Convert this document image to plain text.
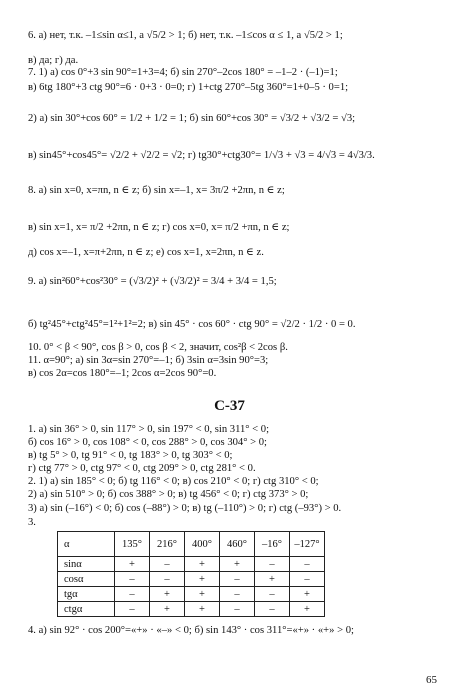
6. а) нет, т.к. –1≤sin α≤1, а √5/2 > 1; б) нет, т.к. –1≤cos α ≤ 1, а √5/2 > 1;
в) да; г) да.
7. 1) а) cos 0°+3 sin 90°=1+3=4; б) sin 270°–2cos 180° = –1–2 · (–1)=1;
в) 6tg 180°+3 ctg 90°=6 · 0+3 · 0=0; г) 1+ctg 270°–5tg 360°=1+0–5 · 0=1;
2) а) sin 30°+cos 60° = 1/2 + 1/2 = 1; б) sin 60°+cos 30° = √3/2 + √3/2 = √3;
в) sin45°+cos45°= √2/2 + √2/2 = √2; г) tg30°+ctg30°= 1/√3 + √3 = 4/√3 = 4√3/3.
8. а) sin x=0, x=πn, n ∈ z; б) sin x=–1, x= 3π/2 +2πn, n ∈ z;
в) sin x=1, x= π/2 +2πn, n ∈ z; г) cos x=0, x= π/2 +πn, n ∈ z;
д) cos x=–1, x=π+2πn, n ∈ z; е) cos x=1, x=2πn, n ∈ z.
9. а) sin²60°+cos²30° = (√3/2)² + (√3/2)² = 3/4 + 3/4 = 1,5;
б) tg²45°+ctg²45°=1²+1²=2; в) sin 45° · cos 60° · ctg 90° = √2/2 · 1/2 · 0 = 0.
10. 0° < β < 90°, cos β > 0, cos β < 2, значит, cos²β < 2cos β.
11. α=90°; а) sin 3α=sin 270°=–1; б) 3sin α=3sin 90°=3;
в) cos 2α=cos 180°=–1; 2cos α=2cos 90°=0.
С-37
1. а) sin 36° > 0, sin 117° > 0, sin 197° < 0, sin 311° < 0;
б) cos 16° > 0, cos 108° < 0, cos 288° > 0, cos 304° > 0;
в) tg 5° > 0, tg 91° < 0, tg 183° > 0, tg 303° < 0;
г) ctg 77° > 0, ctg 97° < 0, ctg 209° > 0, ctg 281° < 0.
2. 1) а) sin 185° < 0; б) tg 116° < 0; в) cos 210° < 0; г) ctg 310° < 0;
2) а) sin 510° > 0; б) cos 388° > 0; в) tg 456° < 0; г) ctg 373° > 0;
3) а) sin (–16°) < 0; б) cos (–88°) > 0; в) tg (–110°) > 0; г) ctg (–93°) > 0.
3.
4. а) sin 92° · cos 200°=«+» · «–» < 0; б) sin 143° · cos 311°=«+» · «+» > 0;
α	135°	216°	400°	460°	–16°	–127°
sinα	+	–	+	+	–	–
cosα	–	–	+	–	+	–
tgα	–	+	+	–	–	+
ctgα	–	+	+	–	–	+
65
